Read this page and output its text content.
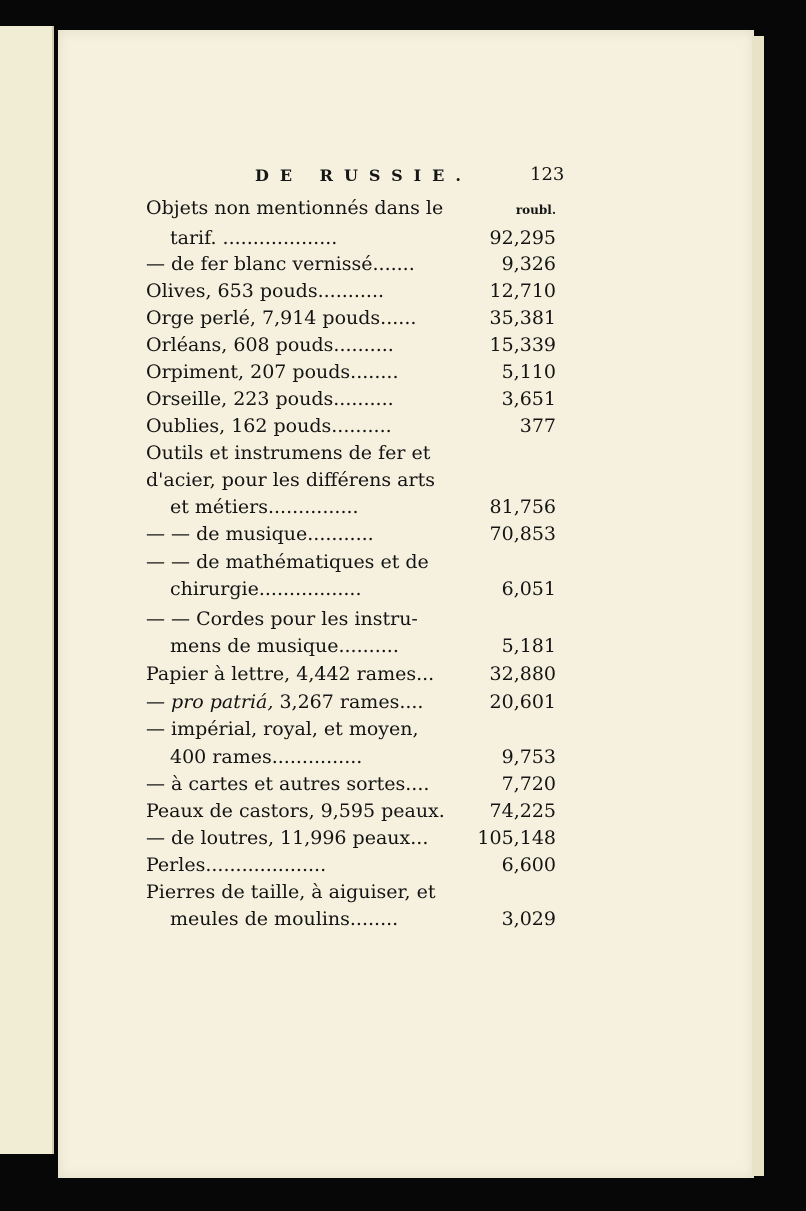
DE RUSSIE.	123
Objets non mentionnés dans le	roubl.
tarif. ...................	92,295
— de fer blanc vernissé.......	9,326
Olives, 653 pouds...........	12,710
Orge perlé, 7,914 pouds......	35,381
Orléans, 608 pouds..........	15,339
Orpiment, 207 pouds........	5,110
Orseille, 223 pouds..........	3,651
Oublies, 162 pouds..........	377
Outils et instrumens de fer et
d'acier, pour les différens arts
et métiers...............	81,756
— — de musique...........	70,853
— — de mathématiques et de
chirurgie.................	6,051
— — Cordes pour les instru-
mens de musique..........	5,181
Papier à lettre, 4,442 rames...	32,880
— pro patriá, 3,267 rames....	20,601
— impérial, royal, et moyen,
400 rames...............	9,753
— à cartes et autres sortes....	7,720
Peaux de castors, 9,595 peaux. 74,225
— de loutres, 11,996 peaux...	105,148
Perles....................	6,600
Pierres de taille, à aiguiser, et
meules de moulins........	3,029
